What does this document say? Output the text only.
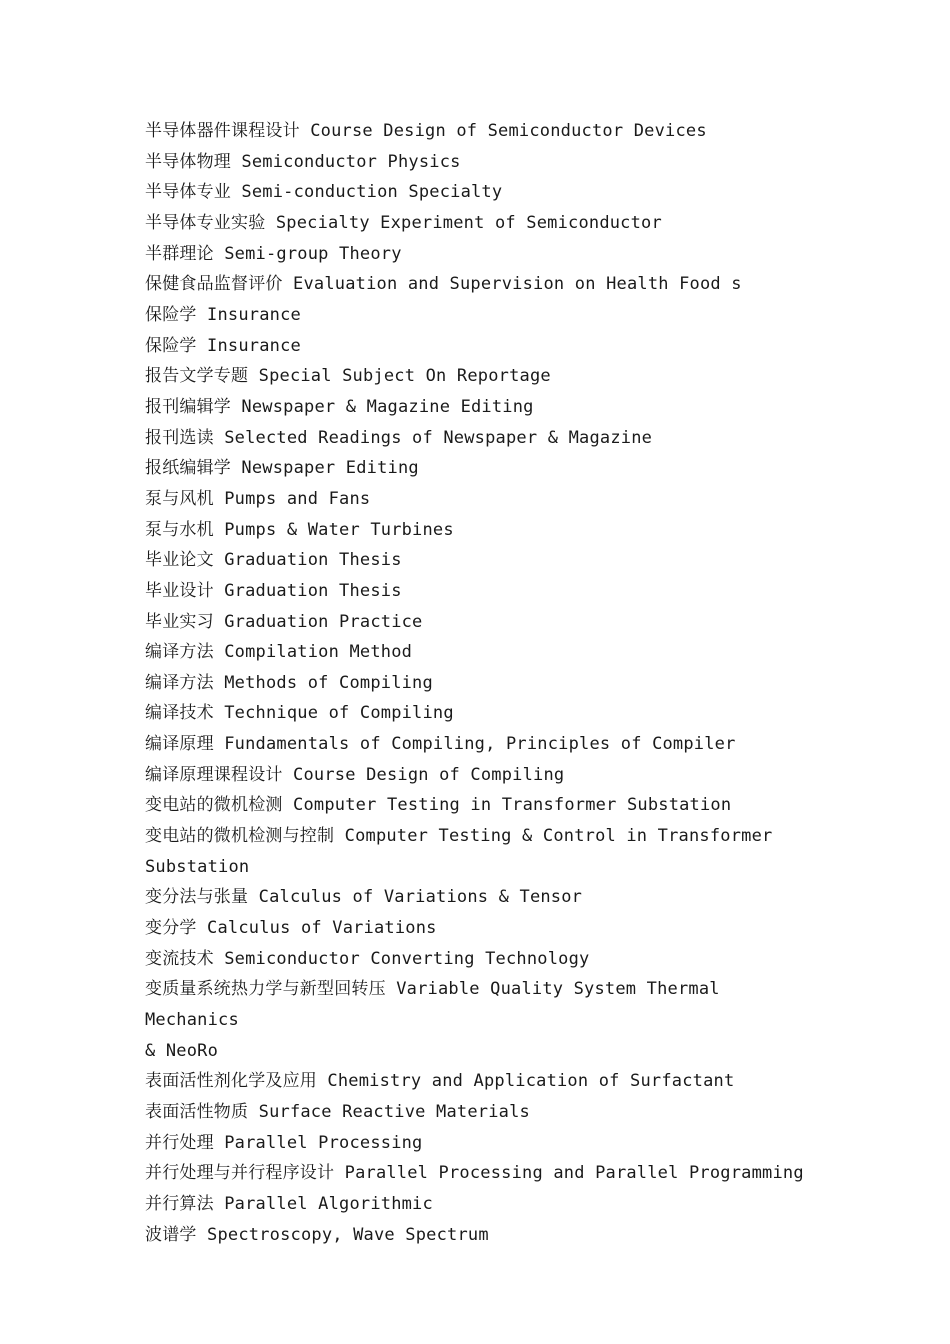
半导体器件课程设计 Course Design of Semiconductor Devices

半导体物理 Semiconductor Physics

半导体专业 Semi-conduction Specialty

半导体专业实验 Specialty Experiment of Semiconductor

半群理论 Semi-group Theory

保健食品监督评价 Evaluation and Supervision on Health Food s

保险学 Insurance

保险学 Insurance

报告文学专题 Special Subject On Reportage

报刊编辑学 Newspaper & Magazine Editing

报刊选读 Selected Readings of Newspaper & Magazine

报纸编辑学 Newspaper Editing

泵与风机 Pumps and Fans

泵与水机 Pumps & Water Turbines

毕业论文 Graduation Thesis

毕业设计 Graduation Thesis

毕业实习 Graduation Practice

编译方法 Compilation Method

编译方法 Methods of Compiling

编译技术 Technique of Compiling

编译原理 Fundamentals of Compiling, Principles of Compiler

编译原理课程设计 Course Design of Compiling

变电站的微机检测 Computer Testing in Transformer Substation

变电站的微机检测与控制 Computer Testing & Control in Transformer

Substation

变分法与张量 Calculus of Variations & Tensor

变分学 Calculus of Variations

变流技术 Semiconductor Converting Technology

变质量系统热力学与新型回转压 Variable Quality System Thermal Mechanics

& NeoRo

表面活性剂化学及应用 Chemistry and Application of Surfactant

表面活性物质 Surface Reactive Materials

并行处理 Parallel Processing

并行处理与并行程序设计 Parallel Processing and Parallel Programming

并行算法 Parallel Algorithmic

波谱学 Spectroscopy, Wave Spectrum
